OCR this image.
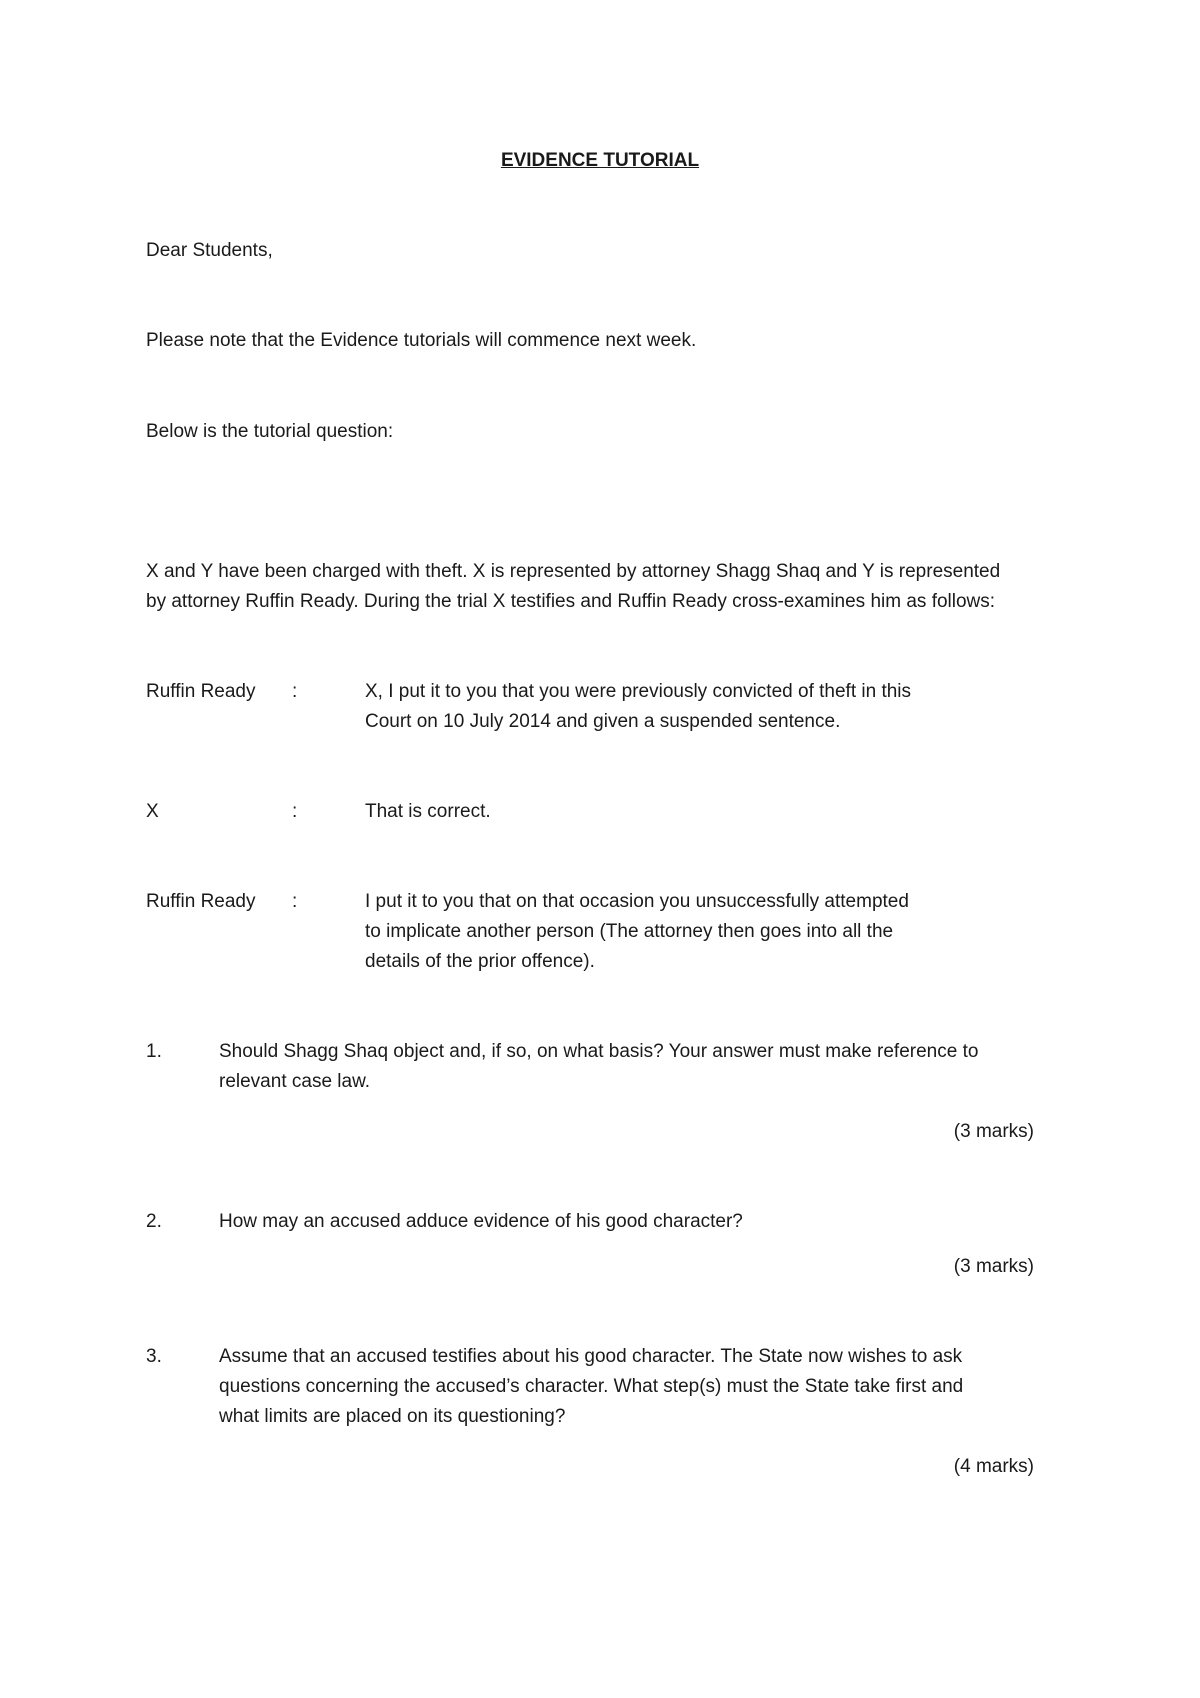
EVIDENCE TUTORIAL

Dear Students,

Please note that the Evidence tutorials will commence next week.

Below is the tutorial question:

X and Y have been charged with theft. X is represented by attorney Shagg Shaq and Y is represented

by attorney Ruffin Ready. During the trial X testifies and Ruffin Ready cross-examines him as follows:

Ruffin Ready :	X, I put it to you that you were previously convicted of theft in this

Court on 10 July 2014 and given a suspended sentence.

X	:	That is correct.

Ruffin Ready :	I put it to you that on that occasion you unsuccessfully attempted

to implicate another person (The attorney then goes into all the

details of the prior offence).

1.	Should Shagg Shaq object and, if so, on what basis? Your answer must make reference to

relevant case law.

(3 marks)

2.	How may an accused adduce evidence of his good character?

(3 marks)

3.	Assume that an accused testifies about his good character. The State now wishes to ask

questions concerning the accused’s character. What step(s) must the State take first and

what limits are placed on its questioning?

(4 marks)
